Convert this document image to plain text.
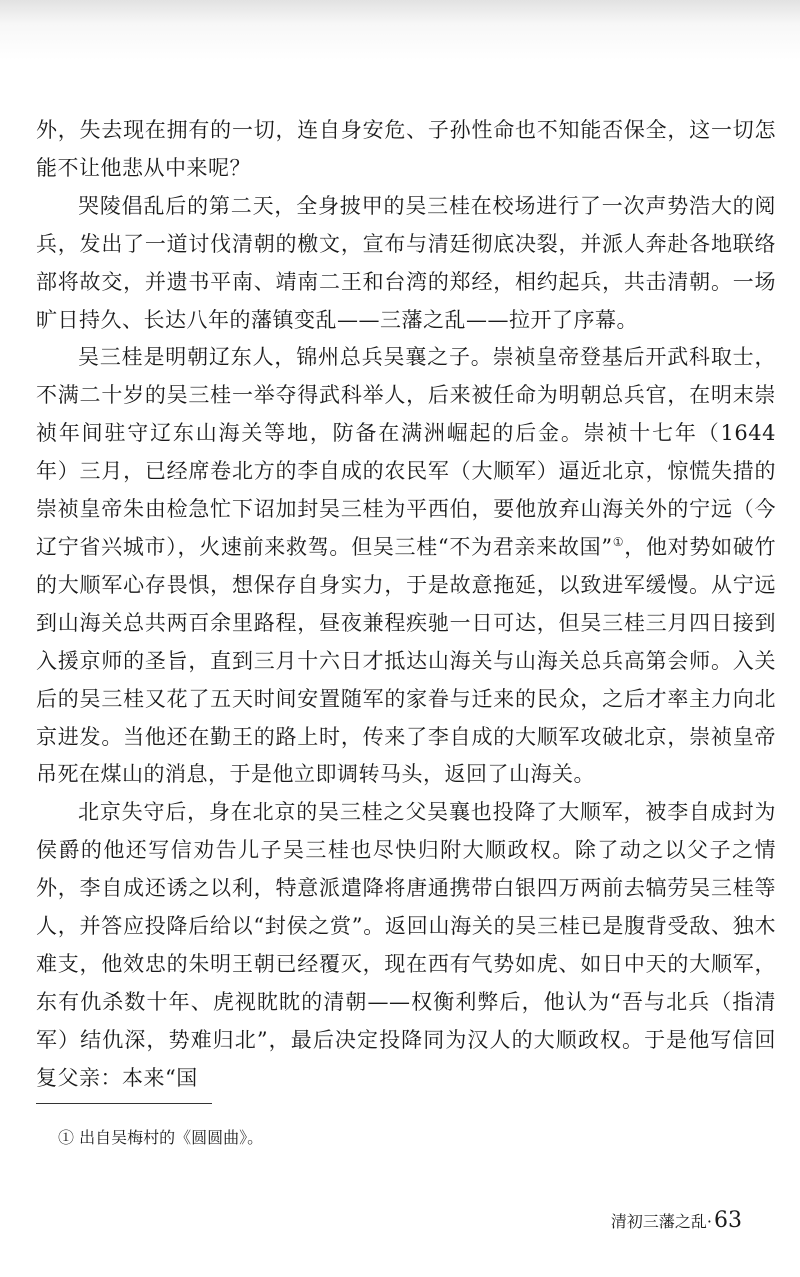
外，失去现在拥有的一切，连自身安危、子孙性命也不知能否保全，这一切怎能不让他悲从中来呢？

哭陵倡乱后的第二天，全身披甲的吴三桂在校场进行了一次声势浩大的阅兵，发出了一道讨伐清朝的檄文，宣布与清廷彻底决裂，并派人奔赴各地联络部将故交，并遗书平南、靖南二王和台湾的郑经，相约起兵，共击清朝。一场旷日持久、长达八年的藩镇变乱——三藩之乱——拉开了序幕。

吴三桂是明朝辽东人，锦州总兵吴襄之子。崇祯皇帝登基后开武科取士，不满二十岁的吴三桂一举夺得武科举人，后来被任命为明朝总兵官，在明末崇祯年间驻守辽东山海关等地，防备在满洲崛起的后金。崇祯十七年（1644 年）三月，已经席卷北方的李自成的农民军（大顺军）逼近北京，惊慌失措的崇祯皇帝朱由检急忙下诏加封吴三桂为平西伯，要他放弃山海关外的宁远（今辽宁省兴城市），火速前来救驾。但吴三桂“不为君亲来故国”①，他对势如破竹的大顺军心存畏惧，想保存自身实力，于是故意拖延，以致进军缓慢。从宁远到山海关总共两百余里路程，昼夜兼程疾驰一日可达，但吴三桂三月四日接到入援京师的圣旨，直到三月十六日才抵达山海关与山海关总兵高第会师。入关后的吴三桂又花了五天时间安置随军的家眷与迁来的民众，之后才率主力向北京进发。当他还在勤王的路上时，传来了李自成的大顺军攻破北京，崇祯皇帝吊死在煤山的消息，于是他立即调转马头，返回了山海关。

北京失守后，身在北京的吴三桂之父吴襄也投降了大顺军，被李自成封为侯爵的他还写信劝告儿子吴三桂也尽快归附大顺政权。除了动之以父子之情外，李自成还诱之以利，特意派遣降将唐通携带白银四万两前去犒劳吴三桂等人，并答应投降后给以“封侯之赏”。返回山海关的吴三桂已是腹背受敌、独木难支，他效忠的朱明王朝已经覆灭，现在西有气势如虎、如日中天的大顺军，东有仇杀数十年、虎视眈眈的清朝——权衡利弊后，他认为“吾与北兵（指清军）结仇深，势难归北”，最后决定投降同为汉人的大顺政权。于是他写信回复父亲：本来“国

① 出自吴梅村的《圆圆曲》。
清初三藩之乱·63
